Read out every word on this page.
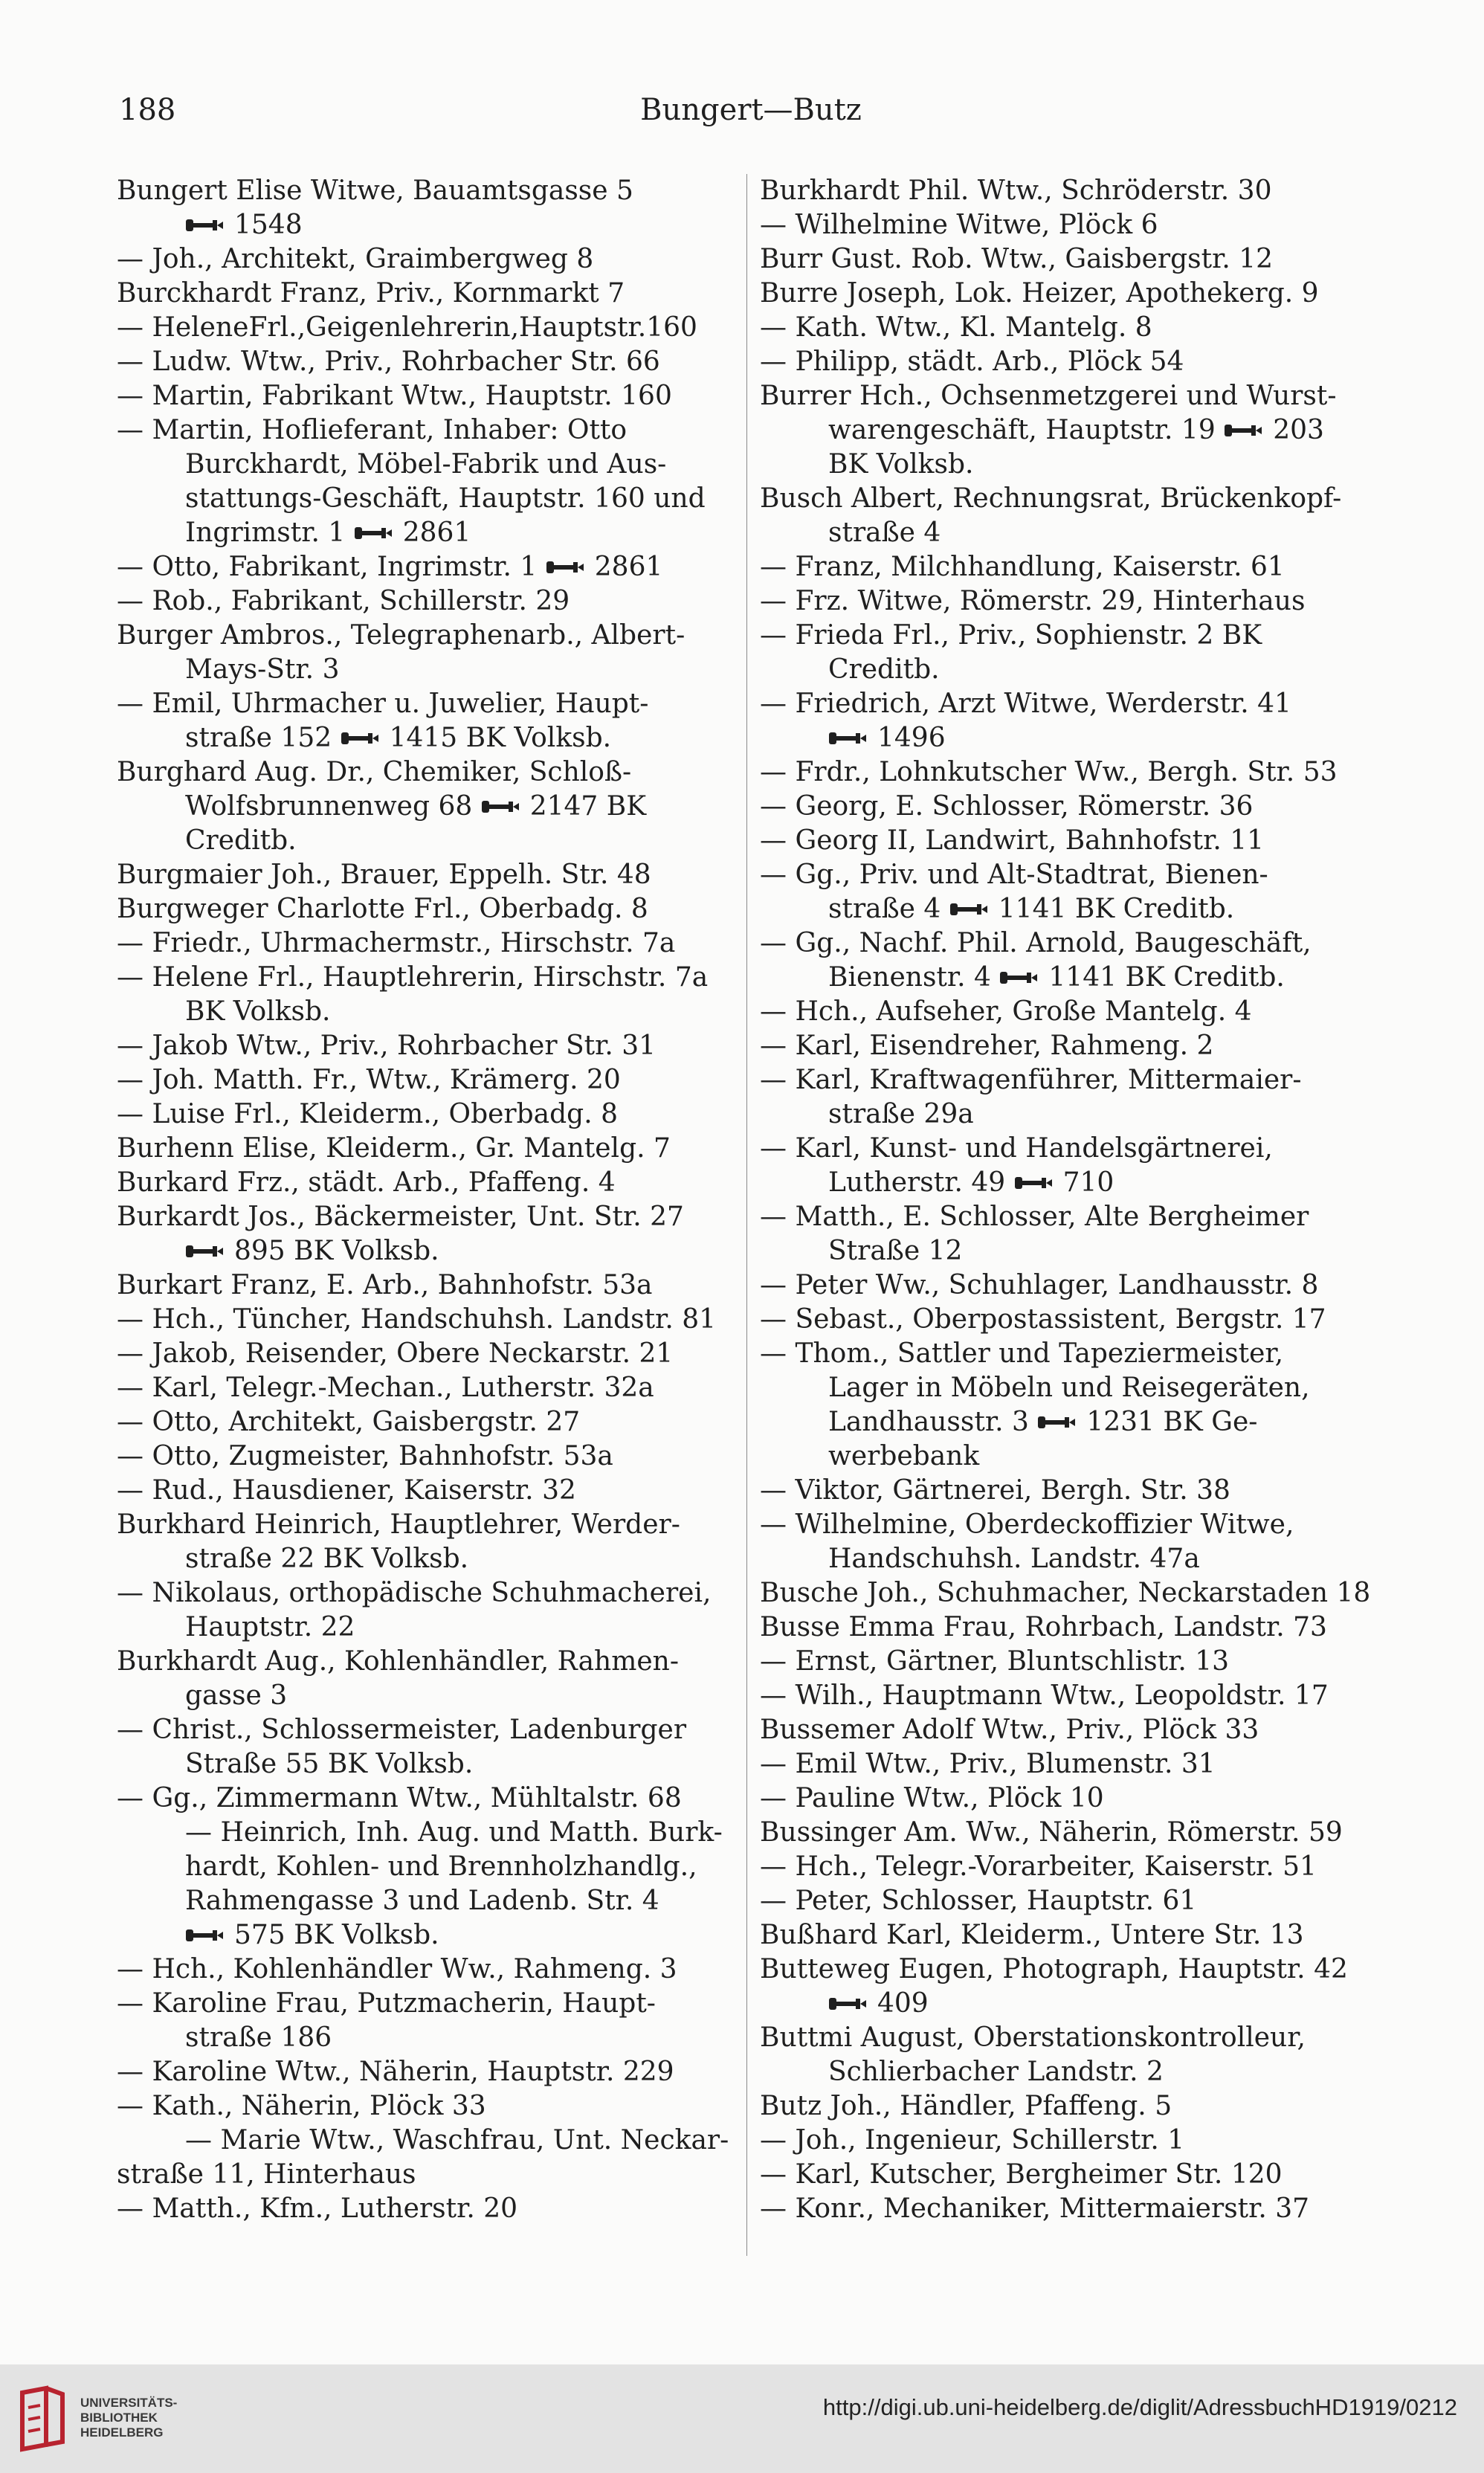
188	Bungert—Butz
Bungert Elise Witwe, Bauamtsgasse 5
1548
— Joh., Architekt, Graimbergweg 8
Burckhardt Franz, Priv., Kornmarkt 7
— HeleneFrl.,Geigenlehrerin,Hauptstr.160
— Ludw. Wtw., Priv., Rohrbacher Str. 66
— Martin, Fabrikant Wtw., Hauptstr. 160
— Martin, Hoflieferant, Inhaber: Otto
Burckhardt, Möbel-Fabrik und Aus-
stattungs-Geschäft, Hauptstr. 160 und
Ingrimstr. 1
2861
— Otto, Fabrikant, Ingrimstr. 1
2861
— Rob., Fabrikant, Schillerstr. 29
Burger Ambros., Telegraphenarb., Albert-
Mays-Str. 3
— Emil, Uhrmacher u. Juwelier, Haupt-
straße 152
1415 BK Volksb.
Burghard Aug. Dr., Chemiker, Schloß-
Wolfsbrunnenweg 68
2147 BK
Creditb.
Burgmaier Joh., Brauer, Eppelh. Str. 48
Burgweger Charlotte Frl., Oberbadg. 8
— Friedr., Uhrmachermstr., Hirschstr. 7a
— Helene Frl., Hauptlehrerin, Hirschstr. 7a
BK Volksb.
— Jakob Wtw., Priv., Rohrbacher Str. 31
— Joh. Matth. Fr., Wtw., Krämerg. 20
— Luise Frl., Kleiderm., Oberbadg. 8
Burhenn Elise, Kleiderm., Gr. Mantelg. 7
Burkard Frz., städt. Arb., Pfaffeng. 4
Burkardt Jos., Bäckermeister, Unt. Str. 27
895 BK Volksb.
Burkart Franz, E. Arb., Bahnhofstr. 53a
— Hch., Tüncher, Handschuhsh. Landstr. 81
— Jakob, Reisender, Obere Neckarstr. 21
— Karl, Telegr.-Mechan., Lutherstr. 32a
— Otto, Architekt, Gaisbergstr. 27
— Otto, Zugmeister, Bahnhofstr. 53a
— Rud., Hausdiener, Kaiserstr. 32
Burkhard Heinrich, Hauptlehrer, Werder-
straße 22 BK Volksb.
— Nikolaus, orthopädische Schuhmacherei,
Hauptstr. 22
Burkhardt Aug., Kohlenhändler, Rahmen-
gasse 3
— Christ., Schlossermeister, Ladenburger
Straße 55 BK Volksb.
— Gg., Zimmermann Wtw., Mühltalstr. 68
— Heinrich, Inh. Aug. und Matth. Burk-
hardt, Kohlen- und Brennholzhandlg.,
Rahmengasse 3 und Ladenb. Str. 4
575 BK Volksb.
— Hch., Kohlenhändler Ww., Rahmeng. 3
— Karoline Frau, Putzmacherin, Haupt-
straße 186
— Karoline Wtw., Näherin, Hauptstr. 229
— Kath., Näherin, Plöck 33
— Marie Wtw., Waschfrau, Unt. Neckar-
straße 11, Hinterhaus
— Matth., Kfm., Lutherstr. 20
Burkhardt Phil. Wtw., Schröderstr. 30
— Wilhelmine Witwe, Plöck 6
Burr Gust. Rob. Wtw., Gaisbergstr. 12
Burre Joseph, Lok. Heizer, Apothekerg. 9
— Kath. Wtw., Kl. Mantelg. 8
— Philipp, städt. Arb., Plöck 54
Burrer Hch., Ochsenmetzgerei und Wurst-
warengeschäft, Hauptstr. 19
203
BK Volksb.
Busch Albert, Rechnungsrat, Brückenkopf-
straße 4
— Franz, Milchhandlung, Kaiserstr. 61
— Frz. Witwe, Römerstr. 29, Hinterhaus
— Frieda Frl., Priv., Sophienstr. 2 BK
Creditb.
— Friedrich, Arzt Witwe, Werderstr. 41
1496
— Frdr., Lohnkutscher Ww., Bergh. Str. 53
— Georg, E. Schlosser, Römerstr. 36
— Georg II, Landwirt, Bahnhofstr. 11
— Gg., Priv. und Alt-Stadtrat, Bienen-
straße 4
1141 BK Creditb.
— Gg., Nachf. Phil. Arnold, Baugeschäft,
Bienenstr. 4
1141 BK Creditb.
— Hch., Aufseher, Große Mantelg. 4
— Karl, Eisendreher, Rahmeng. 2
— Karl, Kraftwagenführer, Mittermaier-
straße 29a
— Karl, Kunst- und Handelsgärtnerei,
Lutherstr. 49
710
— Matth., E. Schlosser, Alte Bergheimer
Straße 12
— Peter Ww., Schuhlager, Landhausstr. 8
— Sebast., Oberpostassistent, Bergstr. 17
— Thom., Sattler und Tapeziermeister,
Lager in Möbeln und Reisegeräten,
Landhausstr. 3
1231 BK Ge-
werbebank
— Viktor, Gärtnerei, Bergh. Str. 38
— Wilhelmine, Oberdeckoffizier Witwe,
Handschuhsh. Landstr. 47a
Busche Joh., Schuhmacher, Neckarstaden 18
Busse Emma Frau, Rohrbach, Landstr. 73
— Ernst, Gärtner, Bluntschlistr. 13
— Wilh., Hauptmann Wtw., Leopoldstr. 17
Bussemer Adolf Wtw., Priv., Plöck 33
— Emil Wtw., Priv., Blumenstr. 31
— Pauline Wtw., Plöck 10
Bussinger Am. Ww., Näherin, Römerstr. 59
— Hch., Telegr.-Vorarbeiter, Kaiserstr. 51
— Peter, Schlosser, Hauptstr. 61
Bußhard Karl, Kleiderm., Untere Str. 13
Butteweg Eugen, Photograph, Hauptstr. 42
409
Buttmi August, Oberstationskontrolleur,
Schlierbacher Landstr. 2
Butz Joh., Händler, Pfaffeng. 5
— Joh., Ingenieur, Schillerstr. 1
— Karl, Kutscher, Bergheimer Str. 120
— Konr., Mechaniker, Mittermaierstr. 37
UNIVERSITÄTS-
BIBLIOTHEK
HEIDELBERG
http://digi.ub.uni-heidelberg.de/diglit/AdressbuchHD1919/0212
